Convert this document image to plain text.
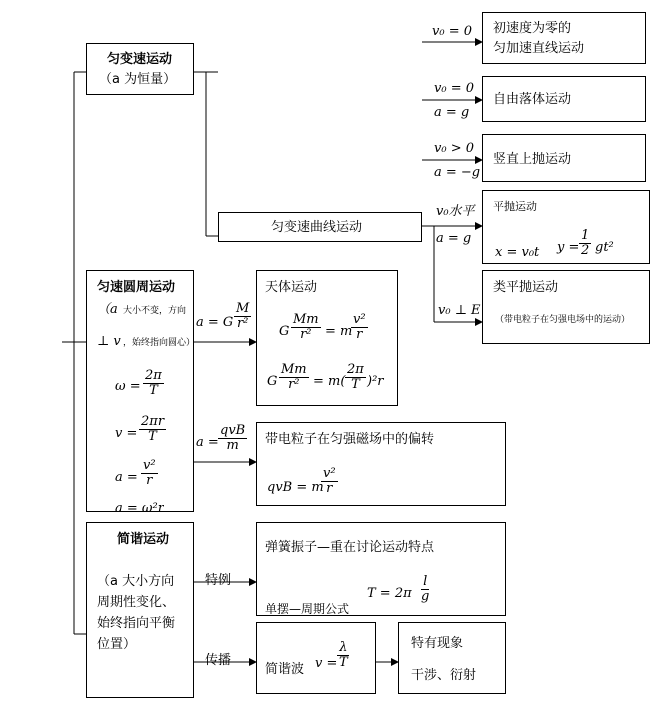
匀变速运动
（a 为恒量）
v₀ = 0 初速度为零的
匀加速直线运动
v₀ = 0
a = g
自由落体运动
v₀ > 0
a = −g
竖直上抛运动
匀变速曲线运动
v₀水平
a = g
平抛运动
x = v₀t $y = \frac{1}{2} gt^2$
v₀ ⊥ E
类平抛运动
（带电粒子在匀强电场中的运动）
匀速圆周运动
（a 大小不变，方向
⊥ v ，始终指向圆心）
$\omega = \frac{2\pi}{T}$
$v = \frac{2\pi r}{T}$
$a = \frac{\text{v²}}{r}$
a = ω²r
a = G $\frac{M}{\text{r²}}$
天体运动
G $\frac{Mm}{\text{r²}} = m$
$\frac{\text{v²}}{r}$
G $\frac{Mm}{\text{r²}} = m( \frac{2\pi}{T} )^2r$
a =
qvB
m 带电粒子在匀强磁场中的偏转
qvB = m
$\frac{\text{v²}}{r}$
简谐运动
（a 大小方向
周期性变化、
始终指向平衡
位置）
特例
弹簧振子—重在讨论运动特点
单摆—周期公式
$T = 2\pi \frac{l}{g}$
传播
简谐波 $v = \frac{\lambda}{T}$	特有现象
干涉、衍射
